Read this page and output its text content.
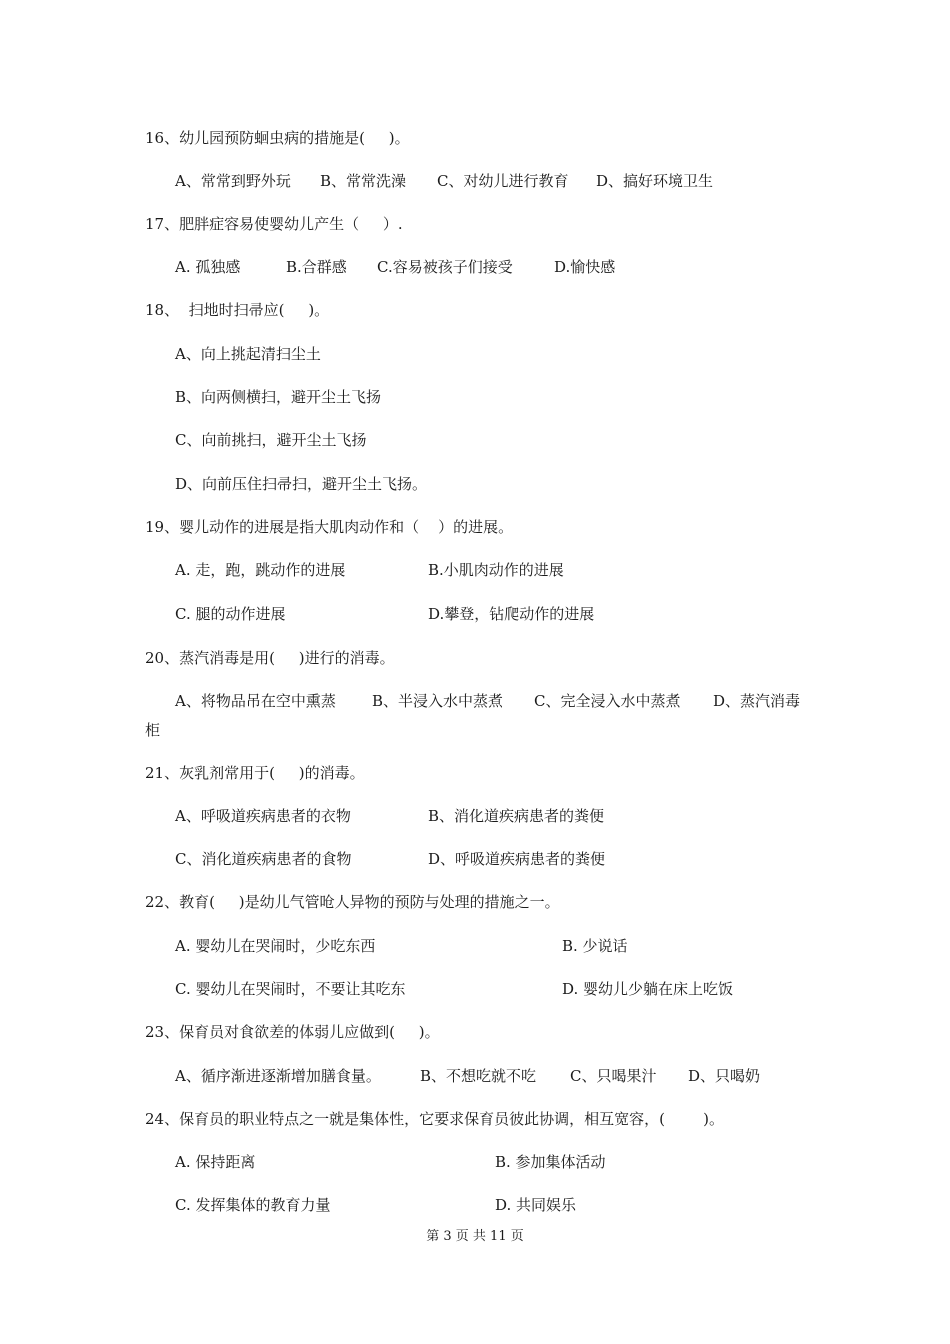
16、幼儿园预防蛔虫病的措施是(     )。
A、常常到野外玩 B、常常洗澡 C、对幼儿进行教育 D、搞好环境卫生
17、肥胖症容易使婴幼儿产生（     ）.
A. 孤独感	B.合群感 C.容易被孩子们接受	D.愉快感
18、  扫地时扫帚应(     )。
A、向上挑起清扫尘土
B、向两侧横扫，避开尘土飞扬
C、向前挑扫，避开尘土飞扬
D、向前压住扫帚扫，避开尘土飞扬。
19、婴儿动作的进展是指大肌肉动作和（    ）的进展。
A. 走，跑，跳动作的进展	B.小肌肉动作的进展
C. 腿的动作进展	D.攀登，钻爬动作的进展
20、蒸汽消毒是用(     )进行的消毒。
A、将物品吊在空中熏蒸 B、半浸入水中蒸煮 C、完全浸入水中蒸煮 D、蒸汽消毒
柜
21、灰乳剂常用于(     )的消毒。
A、呼吸道疾病患者的衣物	B、消化道疾病患者的粪便
C、消化道疾病患者的食物	D、呼吸道疾病患者的粪便
22、教育(     )是幼儿气管呛人异物的预防与处理的措施之一。
A. 婴幼儿在哭闹时，少吃东西	B. 少说话
C. 婴幼儿在哭闹时，不要让其吃东	D. 婴幼儿少躺在床上吃饭
23、保育员对食欲差的体弱儿应做到(     )。
A、循序渐进逐渐增加膳食量。	B、不想吃就不吃 C、只喝果汁 D、只喝奶
24、保育员的职业特点之一就是集体性，它要求保育员彼此协调，相互宽容，(        )。
A. 保持距离	B. 参加集体活动
C. 发挥集体的教育力量	D. 共同娱乐
第 3 页 共 11 页
